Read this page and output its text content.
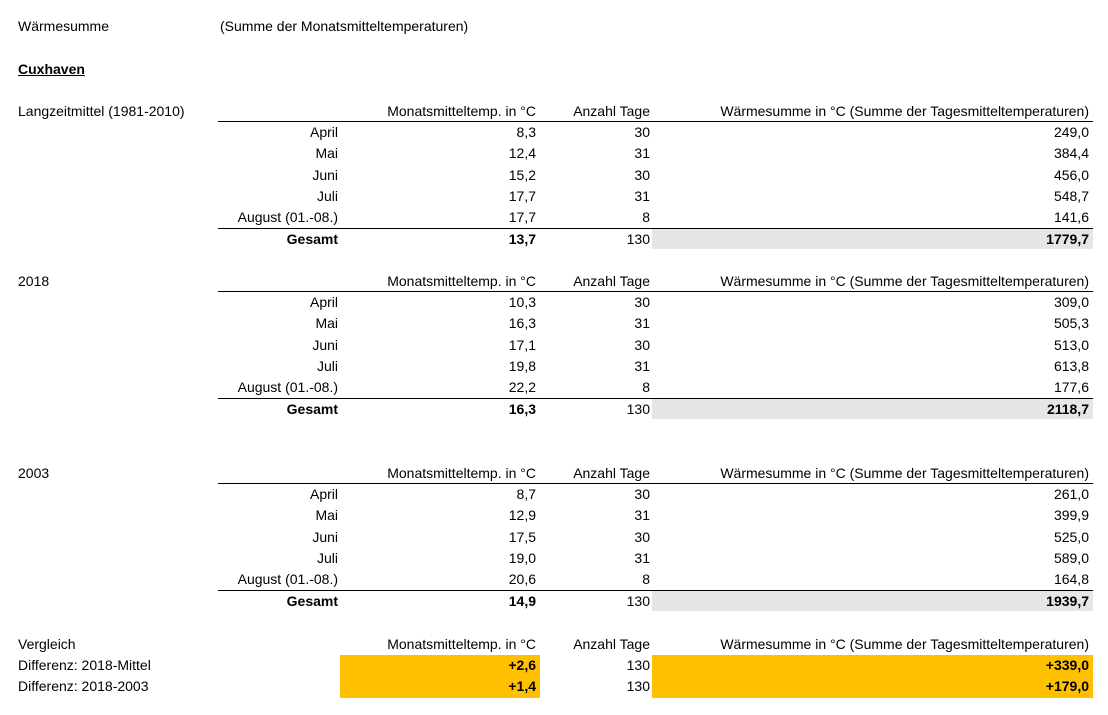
Wärmesumme	(Summe der Monatsmitteltemperaturen)
Cuxhaven
Langzeitmittel (1981-2010)	Monatsmitteltemp. in °C	Anzahl Tage	Wärmesumme in °C (Summe der Tagesmitteltemperaturen)
April	8,3	30	249,0
Mai	12,4	31	384,4
Juni	15,2	30	456,0
Juli	17,7	31	548,7
August (01.-08.)	17,7	8	141,6
Gesamt	13,7	130	1779,7
2018	Monatsmitteltemp. in °C	Anzahl Tage	Wärmesumme in °C (Summe der Tagesmitteltemperaturen)
April	10,3	30	309,0
Mai	16,3	31	505,3
Juni	17,1	30	513,0
Juli	19,8	31	613,8
August (01.-08.)	22,2	8	177,6
Gesamt	16,3	130	2118,7
2003	Monatsmitteltemp. in °C	Anzahl Tage	Wärmesumme in °C (Summe der Tagesmitteltemperaturen)
April	8,7	30	261,0
Mai	12,9	31	399,9
Juni	17,5	30	525,0
Juli	19,0	31	589,0
August (01.-08.)	20,6	8	164,8
Gesamt	14,9	130	1939,7
Vergleich	Monatsmitteltemp. in °C	Anzahl Tage	Wärmesumme in °C (Summe der Tagesmitteltemperaturen)
Differenz: 2018-Mittel	+2,6	130	+339,0
Differenz: 2018-2003	+1,4	130	+179,0
